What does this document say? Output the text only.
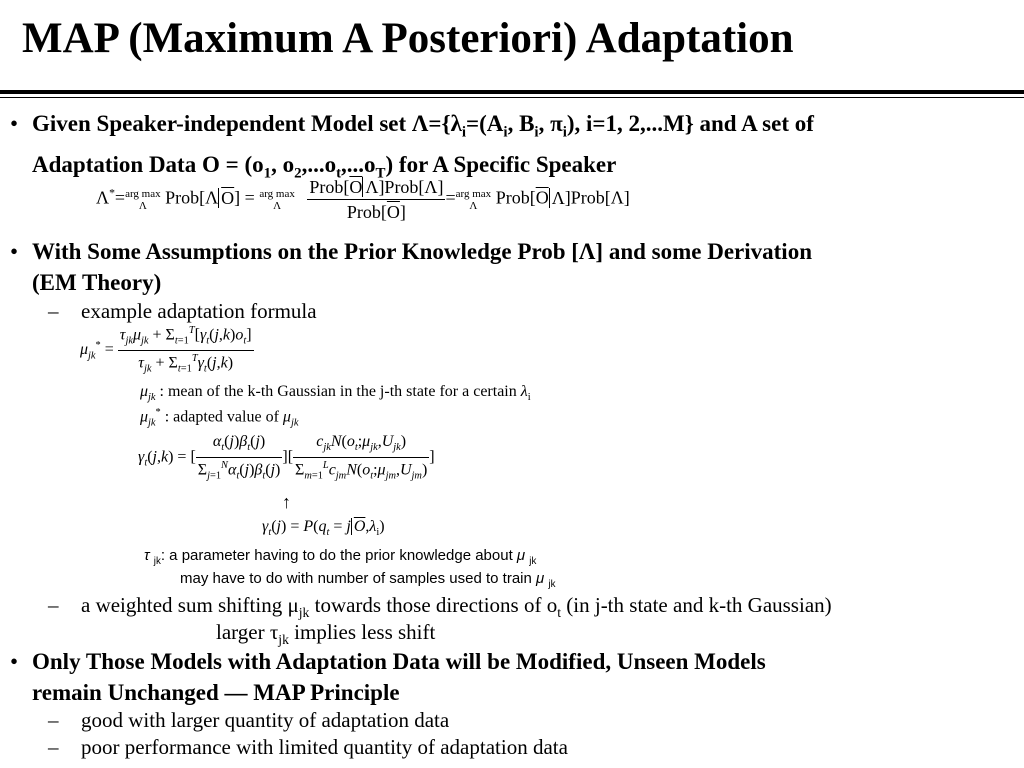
MAP (Maximum A Posteriori) Adaptation
• Given Speaker-independent Model set $\Lambda=\{\lambda_i=(A_i$, $B_i$, $\pi_i$), i=1, 2,...M} and A set of
Adaptation Data $O = (o_1$, $o_2,...o_t,...o_T$) for A Specific Speaker
Λ*=arg max
Λ Prob[Λ $\overline{O}$] = arg max
Λ $\frac{Prob[\overline{O} \Lambda]Prob[\Lambda]}{Prob[\overline{O}]} =arg$ max
Λ $Prob[\overline{O}$ Λ]Prob[Λ]
• With Some Assumptions on the Prior Knowledge Prob [Λ] and some Derivation
(EM Theory)
– example adaptation formula
$\mu_{jk}^* = \frac{\tau_{jk}\mu_{jk} + \Sigma_{t=1}^T[\gamma_t(j,k)o_t]}{\tau_{jk} + \Sigma_{t=1}^T\gamma_t(j,k)}$
$\mu_{jk}$ : mean of the k-th Gaussian in the j-th state for a certain $\lambda_i$
$\mu_{jk}^*$ : adapted value of $\mu_{jk}$
$\gamma_t(j,k)$ = [ $\frac{\alpha_t(j)\beta_t(j)}{\Sigma_{j=1}^N\alpha_t(j)\beta_t(j)}$ ][ $\frac{c_{jk}N(o_t;\mu_{jk},U_{jk})}{\Sigma_{m=1}^Lc_{jm}N(o_t;\mu_{jm},U_{jm})}$ ]
↑
$\gamma_t(j) = P(q_t = j$ $\overline{O},\lambda_i$)
τ $_{jk}$: a parameter having to do the prior knowledge about μ $_{jk}$
may have to do with number of samples used to train μ $_{jk}$
– a weighted sum shifting $\mu_{jk}$ towards those directions of $o_t$ (in j-th state and k-th Gaussian)
larger $\tau_{jk}$ implies less shift
• Only Those Models with Adaptation Data will be Modified, Unseen Models
remain Unchanged — MAP Principle
– good with larger quantity of adaptation data
– poor performance with limited quantity of adaptation data
